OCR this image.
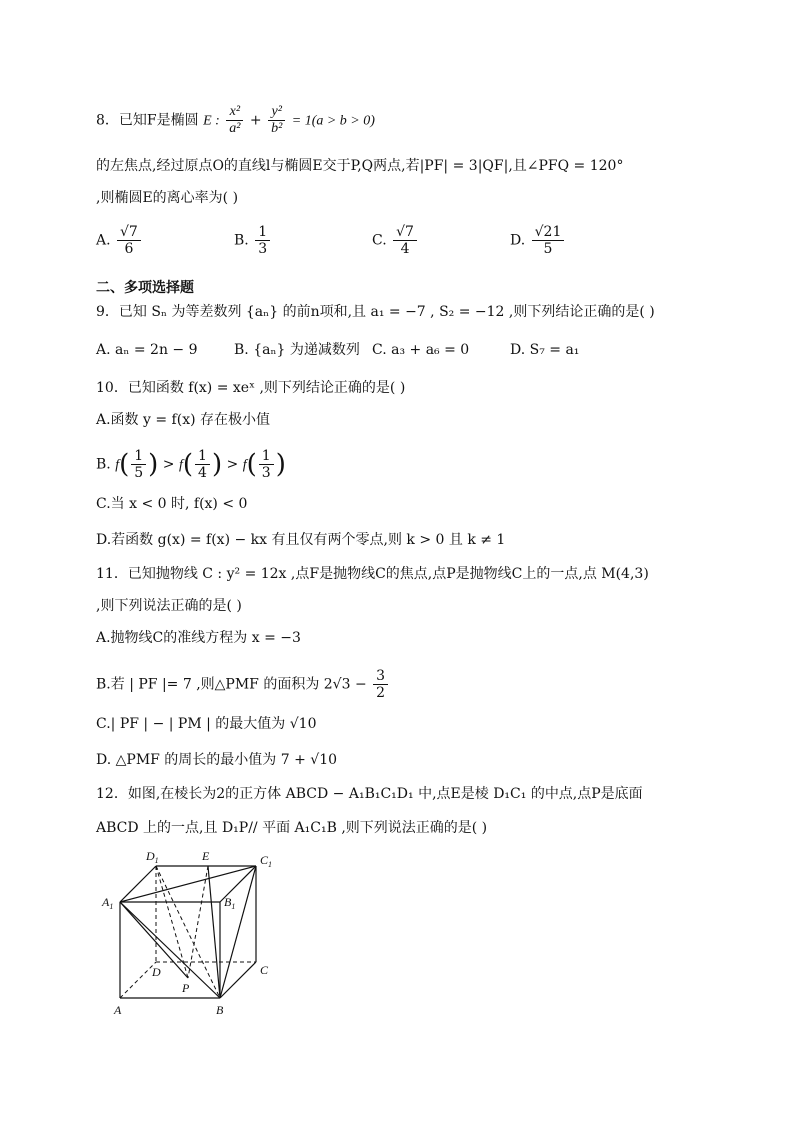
8．已知F是椭圆 E : $\frac{\text{x²}}{\text{a²}} + \frac{\text{y²}}{\text{b²}} = 1(a > b > 0)$
的左焦点,经过原点O的直线l与椭圆E交于P,Q两点,若|PF| = 3|QF|,且∠PFQ = 120°
,则椭圆E的离心率为( )
A. $\frac{√7}{6}$	B. $\frac{1}{3}$	C. $\frac{√7}{4}$	D. $\frac{√21}{5}$
二、多项选择题
9．已知 Sₙ 为等差数列 {aₙ} 的前n项和,且 a₁ = −7 , S₂ = −12 ,则下列结论正确的是( )
A. aₙ = 2n − 9	B. {aₙ} 为递减数列 C. a₃ + a₆ = 0	D. S₇ = a₁
10．已知函数 f(x) = xeˣ ,则下列结论正确的是( )
A.函数 y = f(x) 存在极小值
B. $f( \frac{1}{5}$ ) > $f( \frac{1}{4}$ ) > $f( \frac{1}{3}$ )
C.当 x < 0 时, f(x) < 0
D.若函数 g(x) = f(x) − kx 有且仅有两个零点,则 k > 0 且 k ≠ 1
11．已知抛物线 C : y² = 12x ,点F是抛物线C的焦点,点P是抛物线C上的一点,点 M(4,3)
,则下列说法正确的是( )
A.抛物线C的准线方程为 x = −3
B.若 | PF |= 7 ,则△PMF 的面积为 $2√3 - \frac{3}{2}$
C.| PF | − | PM | 的最大值为 √10
D. △PMF 的周长的最小值为 7 + √10
12．如图,在棱长为2的正方体 ABCD − A₁B₁C₁D₁ 中,点E是棱 D₁C₁ 的中点,点P是底面
ABCD 上的一点,且 D₁P// 平面 A₁C₁B ,则下列说法正确的是( )
$D_1$	E	$C_1$
$A_1$	$B_1$
D	C
P
A	B
